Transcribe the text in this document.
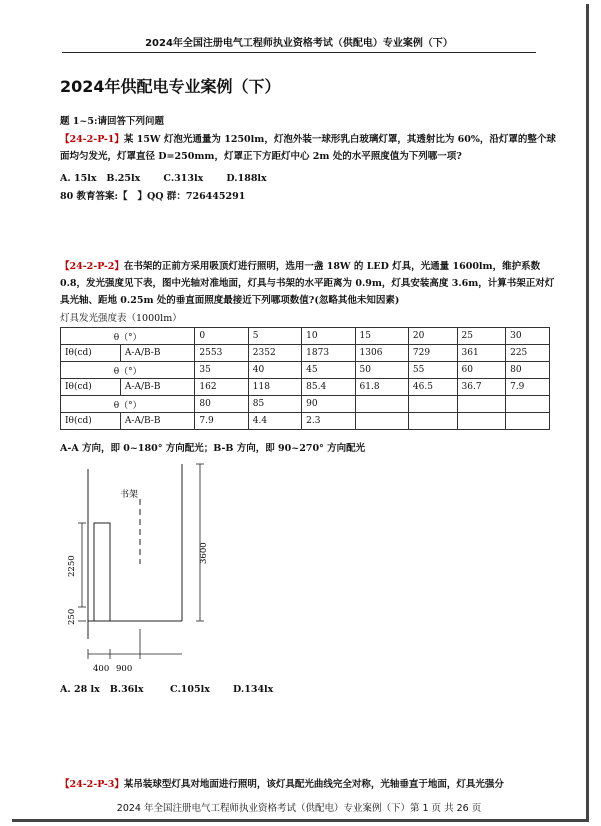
2024年全国注册电气工程师执业资格考试（供配电）专业案例（下）
2024年供配电专业案例（下）
题 1~5:请回答下列问题
【24-2-P-1】某 15W 灯泡光通量为 1250lm，灯泡外装一球形乳白玻璃灯罩，其透射比为 60%，沿灯罩的整个球面均匀发光，灯罩直径 D=250mm，灯罩正下方距灯中心 2m 处的水平照度值为下列哪一项?
A. 15lx B.25lx C.313lx D.188lx
80 教育答案:【 】QQ 群：726445291
【24-2-P-2】在书架的正前方采用吸顶灯进行照明，选用一盏 18W 的 LED 灯具，光通量 1600lm，维护系数 0.8，发光强度见下表，图中光轴对准地面，灯具与书架的水平距离为 0.9m，灯具安装高度 3.6m，计算书架正对灯具光轴、距地 0.25m 处的垂直面照度最接近下列哪项数值?(忽略其他未知因素)
灯具发光强度表（1000lm）
θ（°）		0	5	10	15	20	25	30
Iθ(cd)	A-A/B-B	2553	2352	1873	1306	729	361	225
θ（°）		35	40	45	50	55	60	80
Iθ(cd)	A-A/B-B	162	118	85.4	61.8	46.5	36.7	7.9
θ（°）		80	85	90				
Iθ(cd)	A-A/B-B	7.9	4.4	2.3				
A-A 方向，即 0~180° 方向配光；B-B 方向，即 90~270° 方向配光
书架
2250
250
3600
400 900
A. 28 lx B.36lx	C.105lx D.134lx
【24-2-P-3】某吊装球型灯具对地面进行照明，该灯具配光曲线完全对称，光轴垂直于地面，灯具光强分
2024 年全国注册电气工程师执业资格考试（供配电）专业案例（下）第 1 页 共 26 页
